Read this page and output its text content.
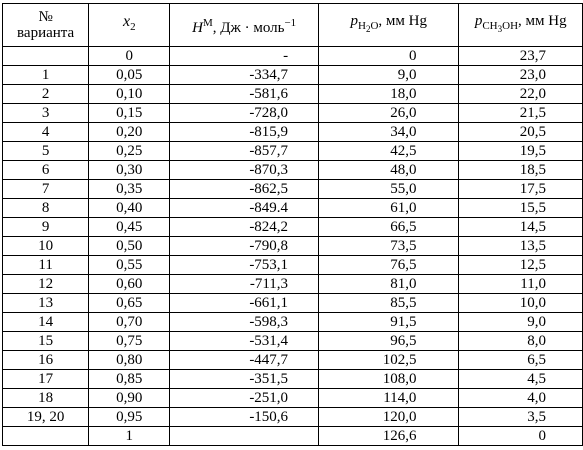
№
варианта	$x_2$	$H^M$, Дж · моль$^{-1}$	$p_{H_2O}$, мм Hg	$p_{CH_3OH}$, мм Hg
	0	-	0	23,7
1	0,05	-334,7	9,0	23,0
2	0,10	-581,6	18,0	22,0
3	0,15	-728,0	26,0	21,5
4	0,20	-815,9	34,0	20,5
5	0,25	-857,7	42,5	19,5
6	0,30	-870,3	48,0	18,5
7	0,35	-862,5	55,0	17,5
8	0,40	-849.4	61,0	15,5
9	0,45	-824,2	66,5	14,5
10	0,50	-790,8	73,5	13,5
11	0,55	-753,1	76,5	12,5
12	0,60	-711,3	81,0	11,0
13	0,65	-661,1	85,5	10,0
14	0,70	-598,3	91,5	9,0
15	0,75	-531,4	96,5	8,0
16	0,80	-447,7	102,5	6,5
17	0,85	-351,5	108,0	4,5
18	0,90	-251,0	114,0	4,0
19, 20	0,95	-150,6	120,0	3,5
	1		126,6	0
